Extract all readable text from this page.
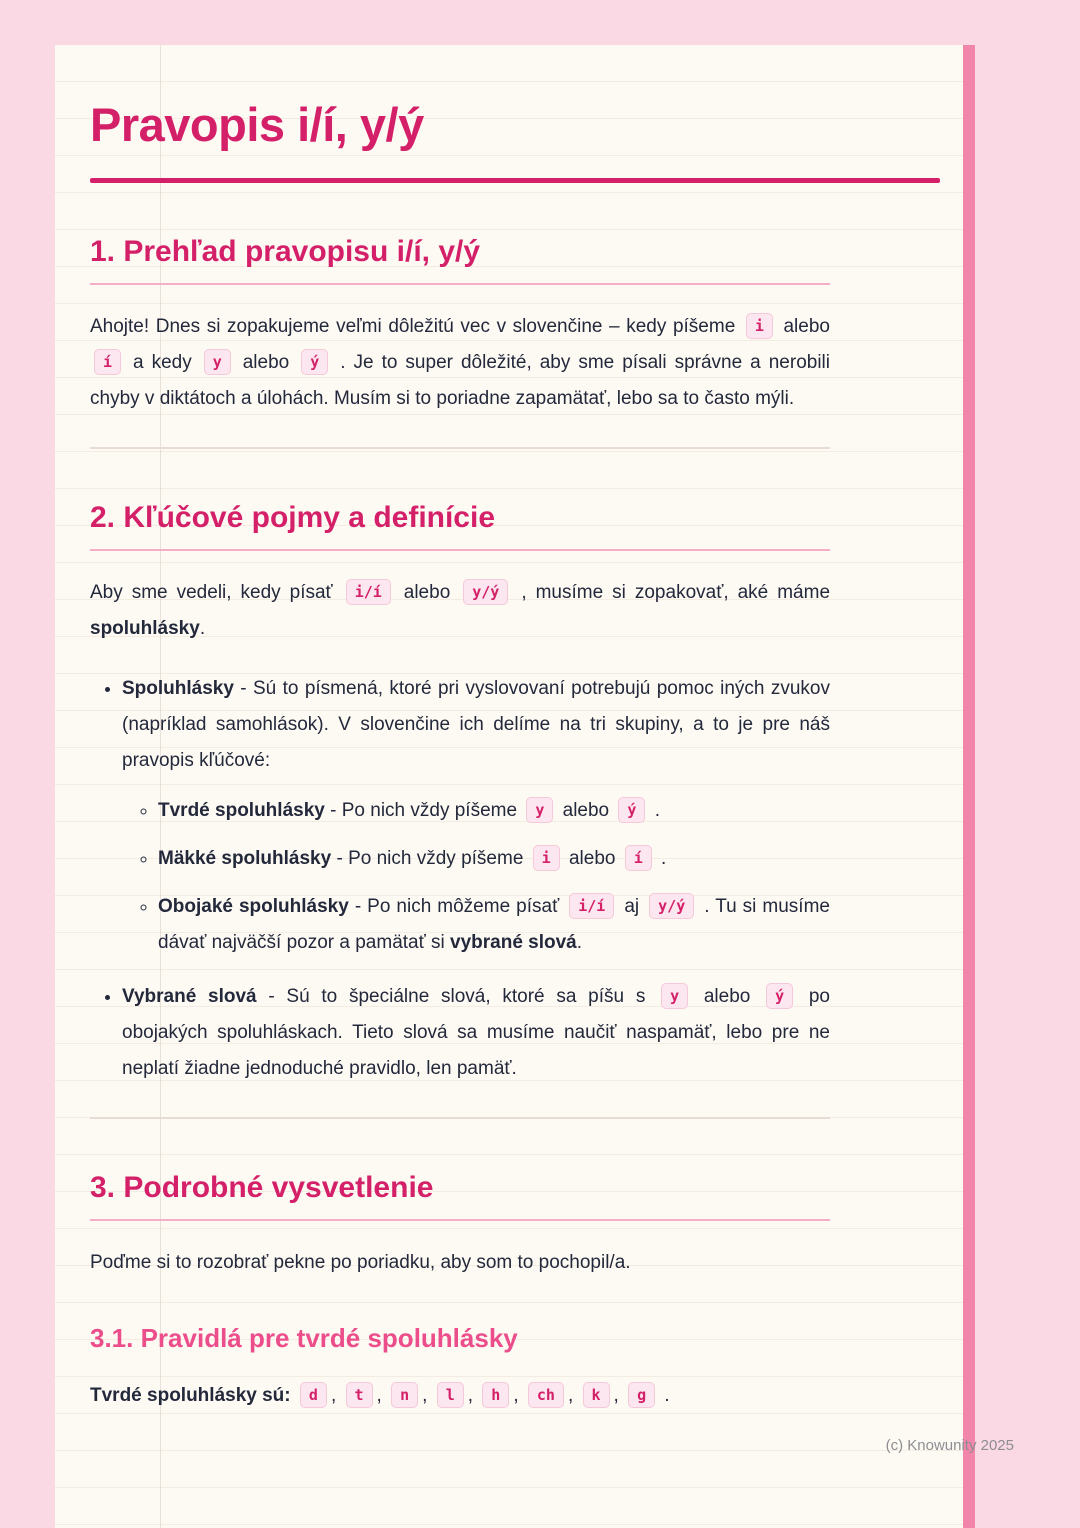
Pravopis i/í, y/ý
1. Prehľad pravopisu i/í, y/ý

Ahojte! Dnes si zopakujeme veľmi dôležitú vec v slovenčine – kedy píšeme i alebo í a kedy y alebo ý . Je to super dôležité, aby sme písali správne a nerobili chyby v diktátoch a úlohách. Musím si to poriadne zapamätať, lebo sa to často mýli.

2. Kľúčové pojmy a definície

Aby sme vedeli, kedy písať i/í alebo y/ý , musíme si zopakovať, aké máme spoluhlásky.

• Spoluhlásky - Sú to písmená, ktoré pri vyslovovaní potrebujú pomoc iných zvukov (napríklad samohlások). V slovenčine ich delíme na tri skupiny, a to je pre náš pravopis kľúčové:
◦ Tvrdé spoluhlásky - Po nich vždy píšeme y alebo ý .
◦ Mäkké spoluhlásky - Po nich vždy píšeme i alebo í .
◦ Obojaké spoluhlásky - Po nich môžeme písať i/í aj y/ý . Tu si musíme dávať najväčší pozor a pamätať si vybrané slová.
• Vybrané slová - Sú to špeciálne slová, ktoré sa píšu s y alebo ý po obojakých spoluhláskach. Tieto slová sa musíme naučiť naspamäť, lebo pre ne neplatí žiadne jednoduché pravidlo, len pamäť.
3. Podrobné vysvetlenie

Poďme si to rozobrať pekne po poriadku, aby som to pochopil/a.

3.1. Pravidlá pre tvrdé spoluhlásky

Tvrdé spoluhlásky sú: d , t , n , l , h , ch , k , g .

(c) Knowunity 2025
